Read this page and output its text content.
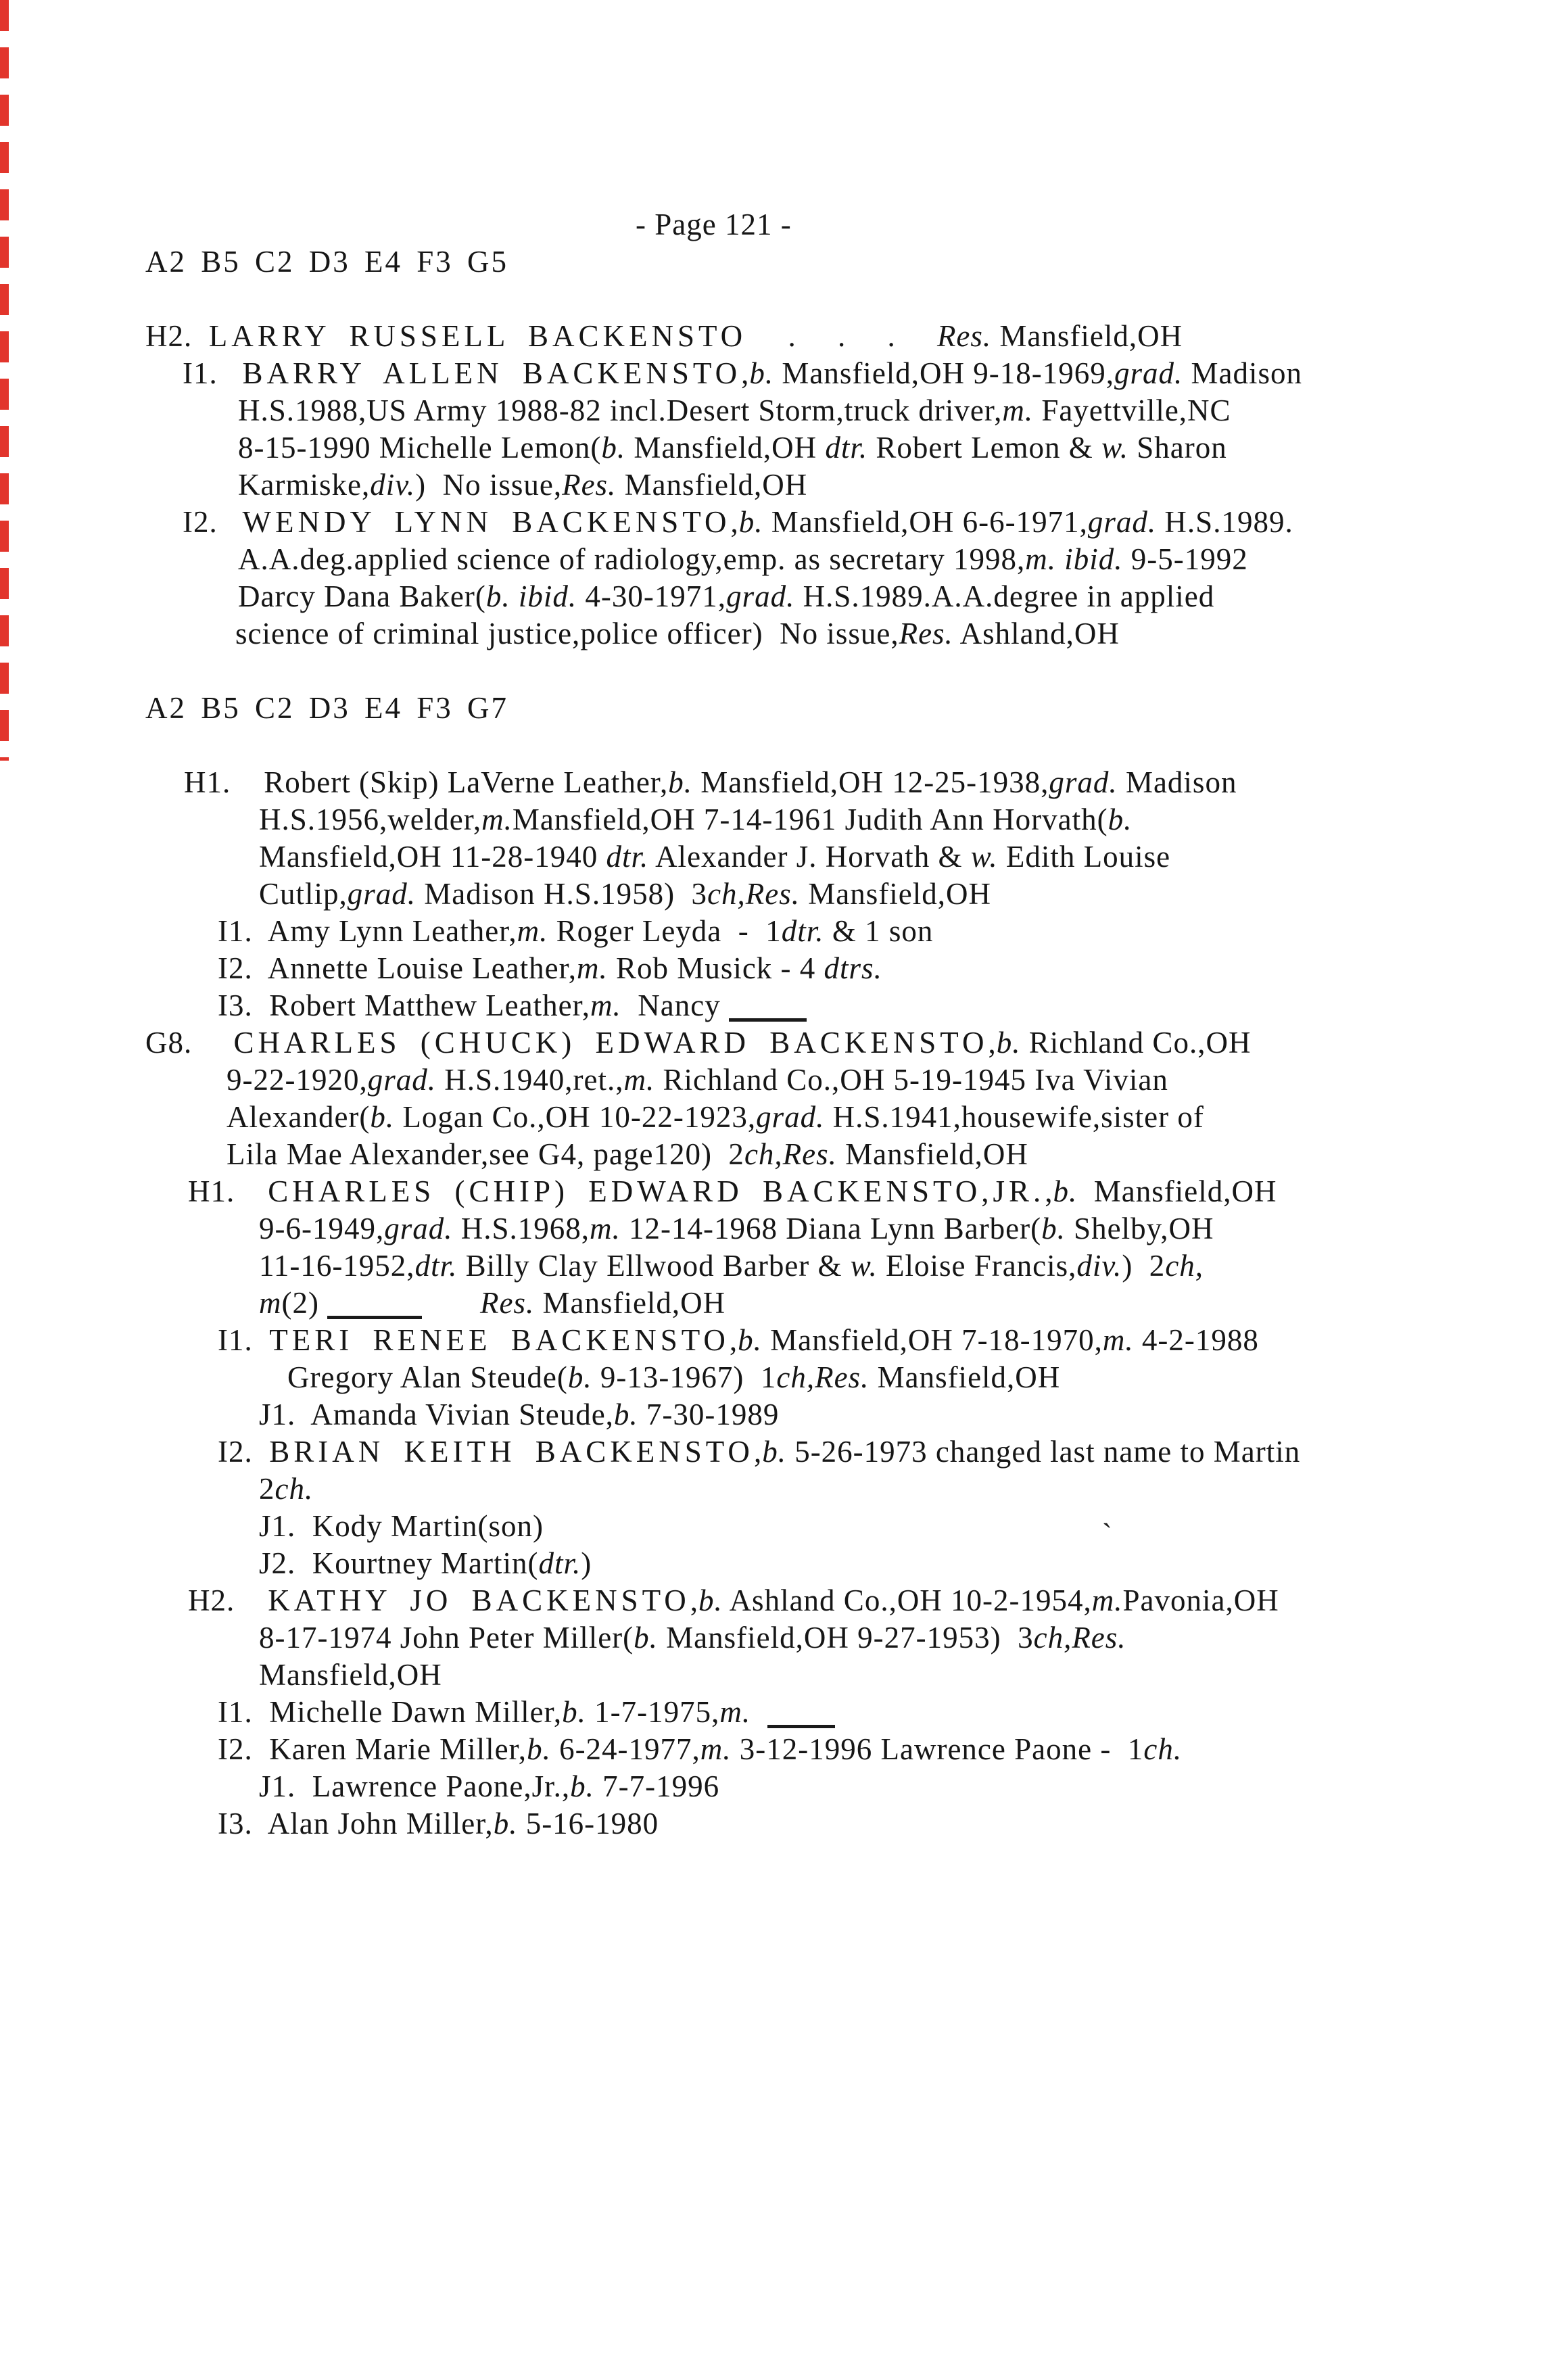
- Page 121 -
A2 B5 C2 D3 E4 F3 G5
H2.  LARRY RUSSELL BACKENSTO     .     .     .     Res. Mansfield,OH
I1.   BARRY ALLEN BACKENSTO,b. Mansfield,OH 9-18-1969,grad. Madison
H.S.1988,US Army 1988-82 incl.Desert Storm,truck driver,m. Fayettville,NC
8-15-1990 Michelle Lemon(b. Mansfield,OH dtr. Robert Lemon & w. Sharon
Karmiske,div.)  No issue,Res. Mansfield,OH
I2.   WENDY LYNN BACKENSTO,b. Mansfield,OH 6-6-1971,grad. H.S.1989.
A.A.deg.applied science of radiology,emp. as secretary 1998,m. ibid. 9-5-1992
Darcy Dana Baker(b. ibid. 4-30-1971,grad. H.S.1989.A.A.degree in applied
science of criminal justice,police officer)  No issue,Res. Ashland,OH
A2 B5 C2 D3 E4 F3 G7
H1.    Robert (Skip) LaVerne Leather,b. Mansfield,OH 12-25-1938,grad. Madison
H.S.1956,welder,m.Mansfield,OH 7-14-1961 Judith Ann Horvath(b.
Mansfield,OH 11-28-1940 dtr. Alexander J. Horvath & w. Edith Louise
Cutlip,grad. Madison H.S.1958)  3ch,Res. Mansfield,OH
I1.  Amy Lynn Leather,m. Roger Leyda  -  1dtr. & 1 son
I2.  Annette Louise Leather,m. Rob Musick - 4 dtrs.
I3.  Robert Matthew Leather,m.  Nancy
G8.     CHARLES (CHUCK) EDWARD BACKENSTO,b. Richland Co.,OH
9-22-1920,grad. H.S.1940,ret.,m. Richland Co.,OH 5-19-1945 Iva Vivian
Alexander(b. Logan Co.,OH 10-22-1923,grad. H.S.1941,housewife,sister of
Lila Mae Alexander,see G4, page120)  2ch,Res. Mansfield,OH
H1.    CHARLES (CHIP) EDWARD BACKENSTO,JR.,b.  Mansfield,OH
9-6-1949,grad. H.S.1968,m. 12-14-1968 Diana Lynn Barber(b. Shelby,OH
11-16-1952,dtr. Billy Clay Ellwood Barber & w. Eloise Francis,div.)  2ch,
m(2)	Res. Mansfield,OH
I1.  TERI RENEE BACKENSTO,b. Mansfield,OH 7-18-1970,m. 4-2-1988
Gregory Alan Steude(b. 9-13-1967)  1ch,Res. Mansfield,OH
J1.  Amanda Vivian Steude,b. 7-30-1989
I2.  BRIAN KEITH BACKENSTO,b. 5-26-1973 changed last name to Martin
2ch.
J1.  Kody Martin(son)
J2.  Kourtney Martin(dtr.)
H2.    KATHY JO BACKENSTO,b. Ashland Co.,OH 10-2-1954,m.Pavonia,OH
8-17-1974 John Peter Miller(b. Mansfield,OH 9-27-1953)  3ch,Res.
Mansfield,OH
I1.  Michelle Dawn Miller,b. 1-7-1975,m.
I2.  Karen Marie Miller,b. 6-24-1977,m. 3-12-1996 Lawrence Paone -  1ch.
J1.  Lawrence Paone,Jr.,b. 7-7-1996
I3.  Alan John Miller,b. 5-16-1980
`
